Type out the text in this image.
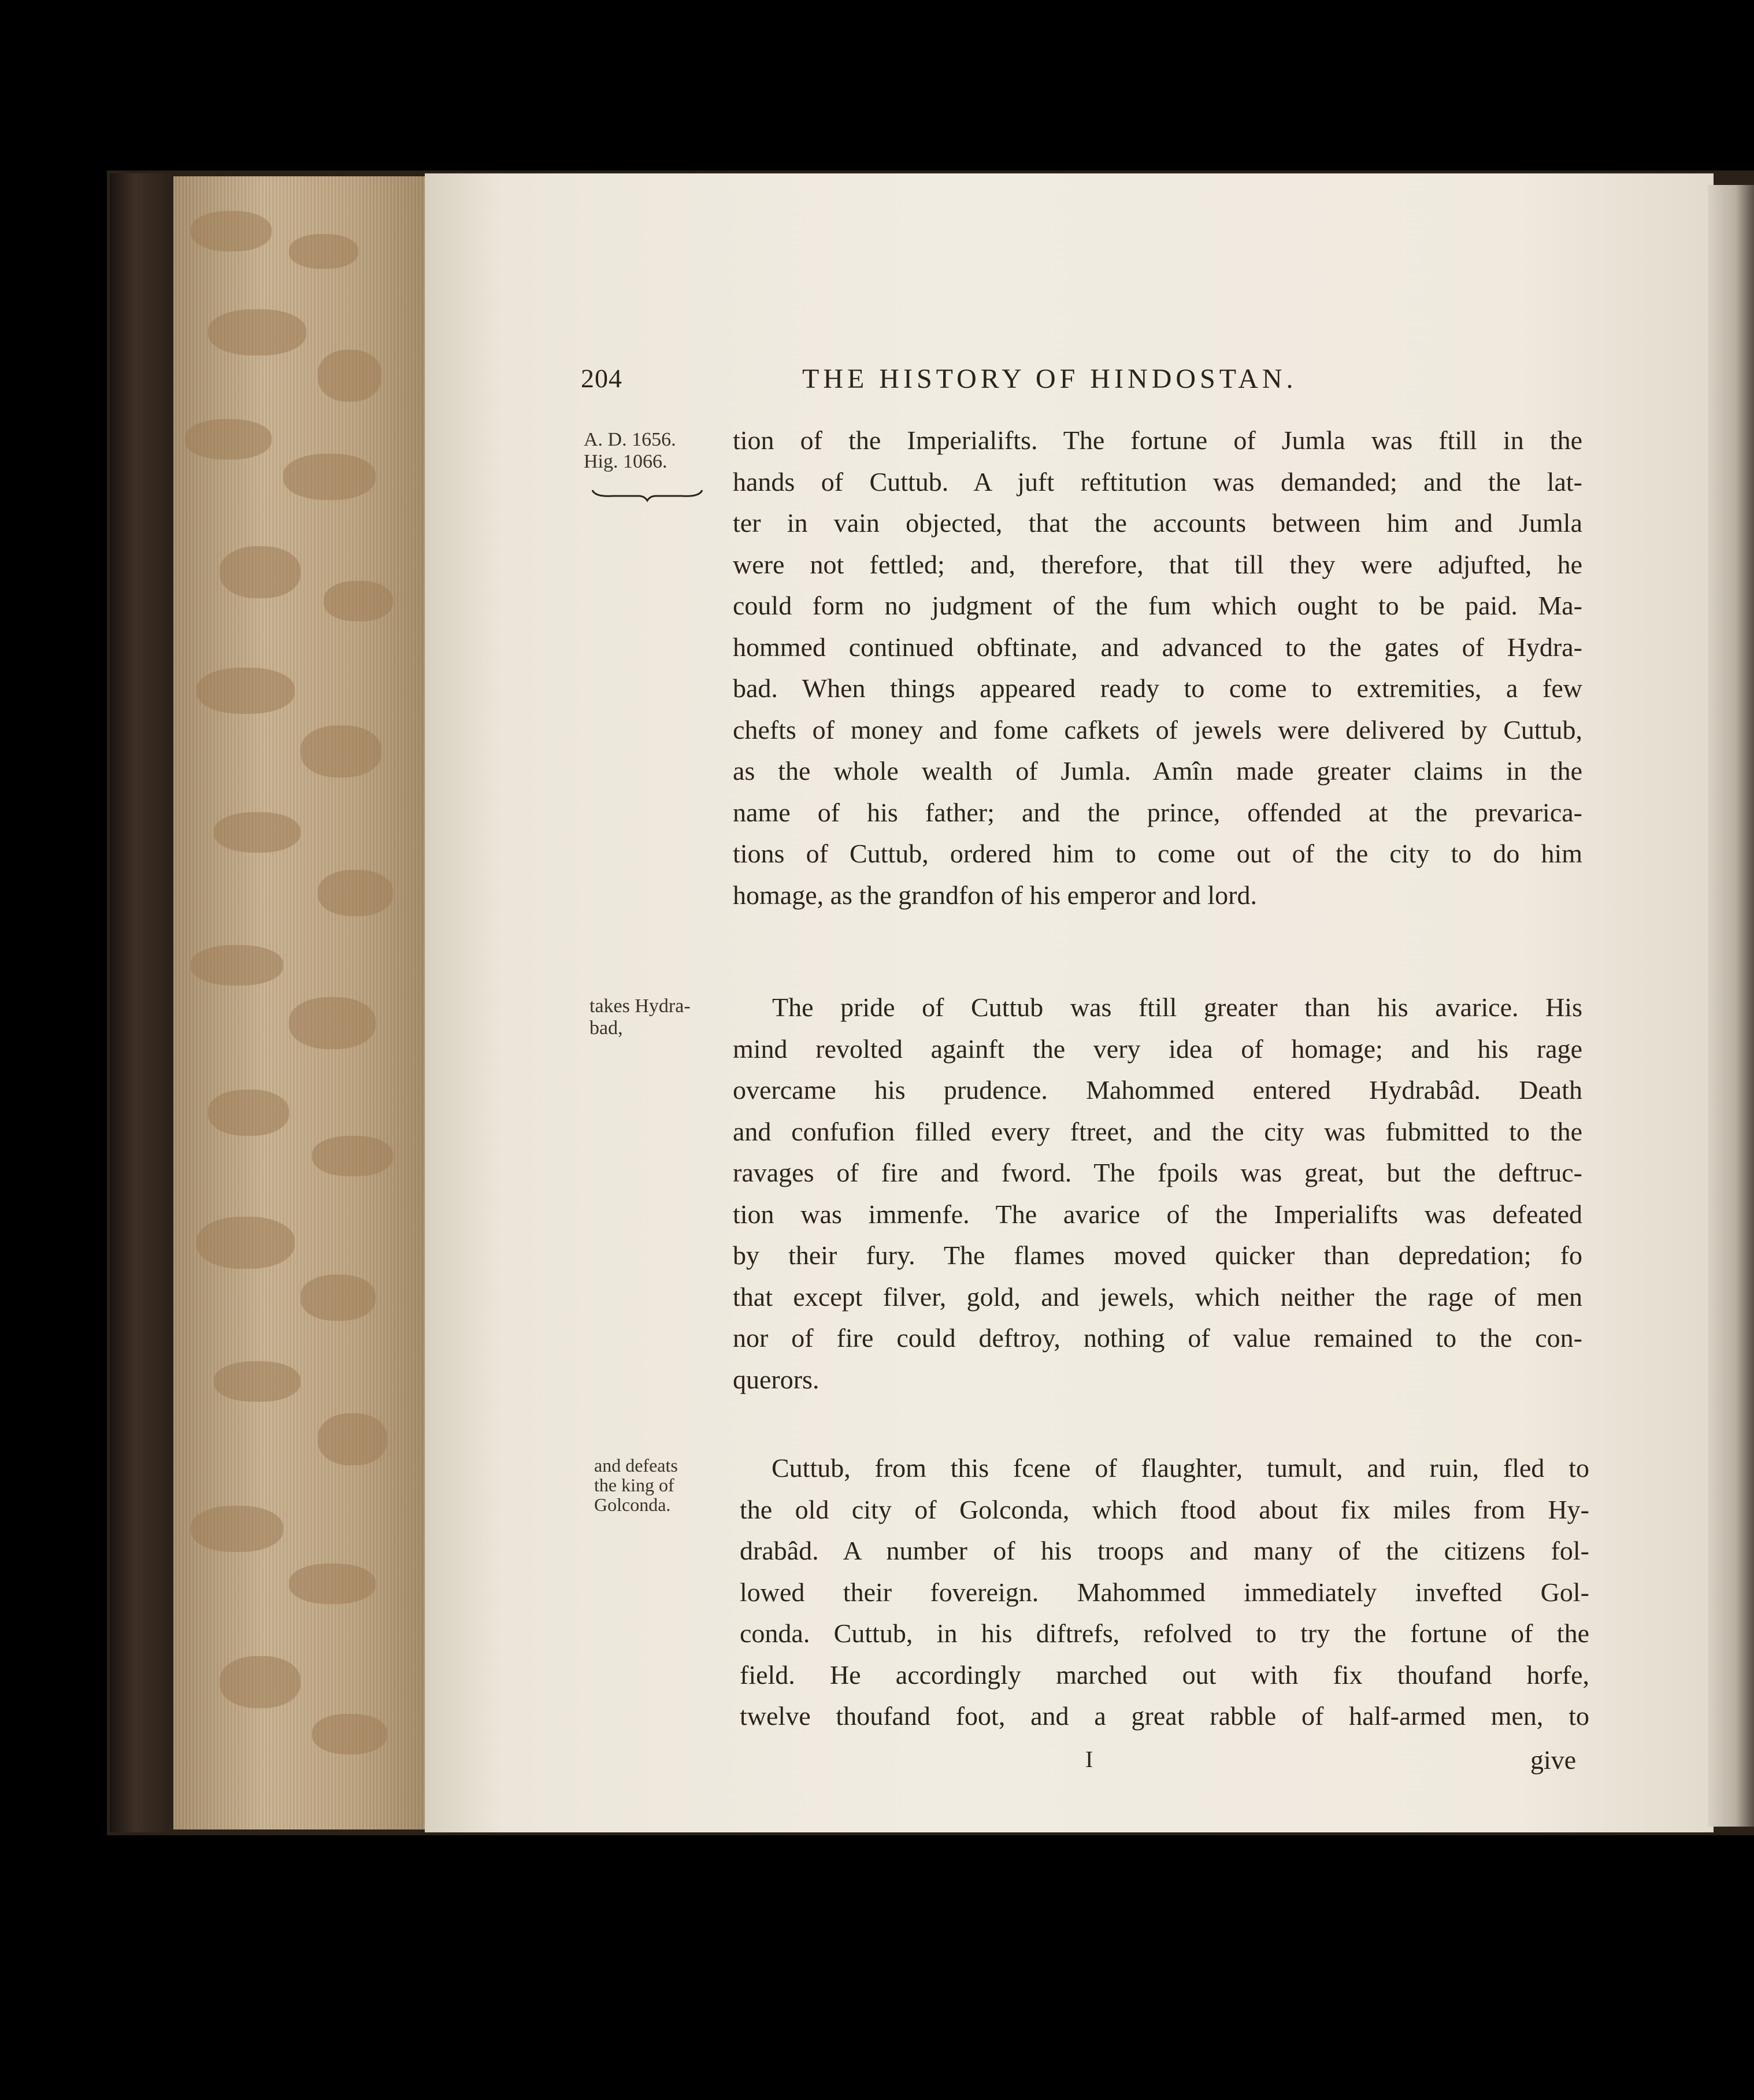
204	THE HISTORY OF HINDOSTAN.
A. D. 1656.
Hig. 1066.
takes Hydra-
bad,
and defeats
the king of
Golconda.
tion of the Imperialifts. The fortune of Jumla was ftill in the
hands of Cuttub. A juft reftitution was demanded; and the lat-
ter in vain objected, that the accounts between him and Jumla
were not fettled; and, therefore, that till they were adjufted, he
could form no judgment of the fum which ought to be paid. Ma-
hommed continued obftinate, and advanced to the gates of Hydra-
bad. When things appeared ready to come to extremities, a few
chefts of money and fome cafkets of jewels were delivered by Cuttub,
as the whole wealth of Jumla. Amîn made greater claims in the
name of his father; and the prince, offended at the prevarica-
tions of Cuttub, ordered him to come out of the city to do him
homage, as the grandfon of his emperor and lord.
The pride of Cuttub was ftill greater than his avarice. His
mind revolted againft the very idea of homage; and his rage
overcame his prudence. Mahommed entered Hydrabâd. Death
and confufion filled every ftreet, and the city was fubmitted to the
ravages of fire and fword. The fpoils was great, but the deftruc-
tion was immenfe. The avarice of the Imperialifts was defeated
by their fury. The flames moved quicker than depredation; fo
that except filver, gold, and jewels, which neither the rage of men
nor of fire could deftroy, nothing of value remained to the con-
querors.
Cuttub, from this fcene of flaughter, tumult, and ruin, fled to
the old city of Golconda, which ftood about fix miles from Hy-
drabâd. A number of his troops and many of the citizens fol-
lowed their fovereign. Mahommed immediately invefted Gol-
conda. Cuttub, in his diftrefs, refolved to try the fortune of the
field. He accordingly marched out with fix thoufand horfe,
twelve thoufand foot, and a great rabble of half-armed men, to
I	give
